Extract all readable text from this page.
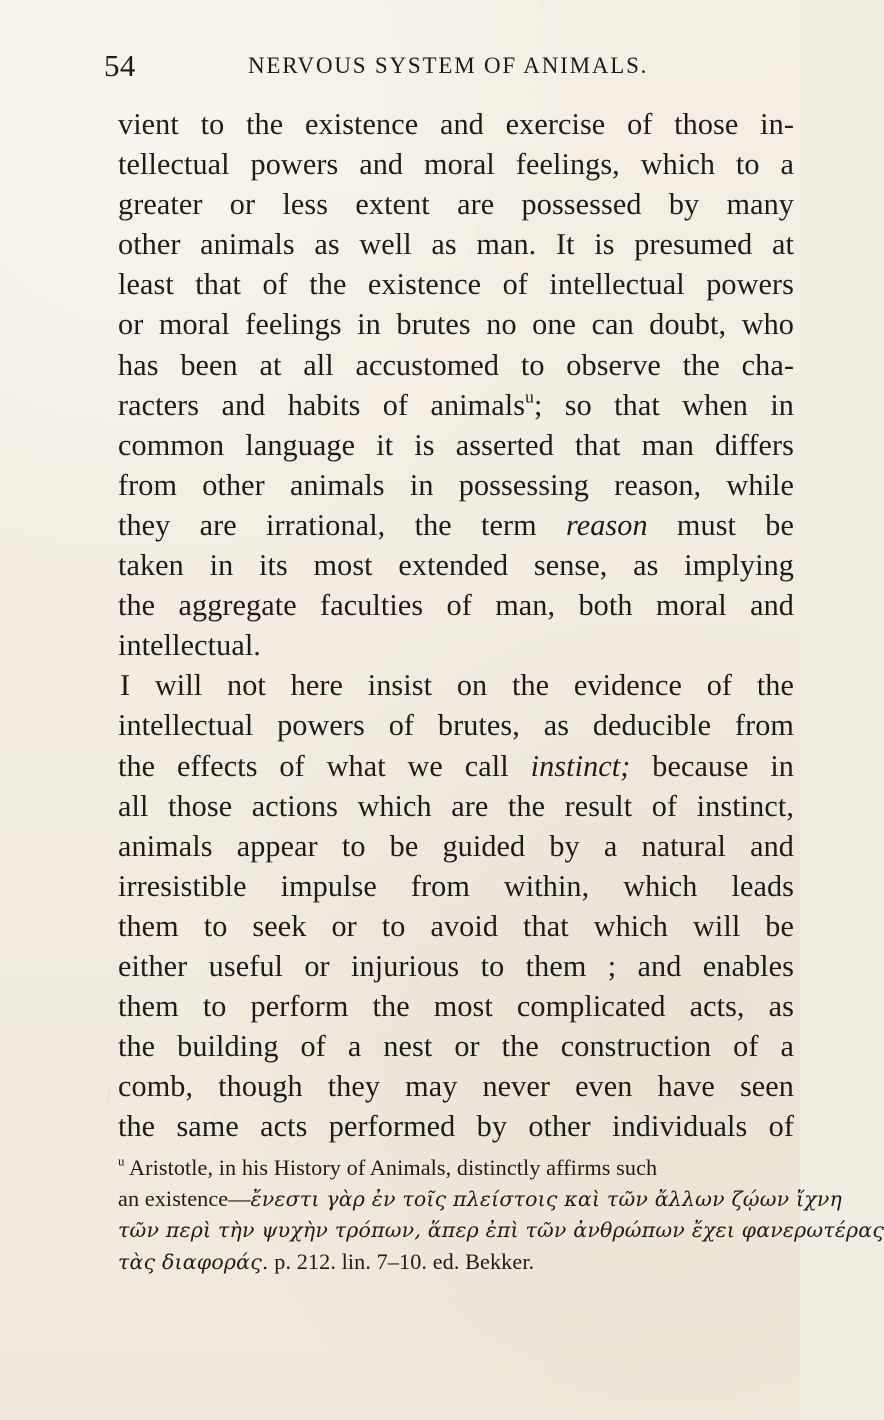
54	NERVOUS SYSTEM OF ANIMALS.
vient to the existence and exercise of those in-
tellectual powers and moral feelings, which to a
greater or less extent are possessed by many
other animals as well as man. It is presumed at
least that of the existence of intellectual powers
or moral feelings in brutes no one can doubt, who
has been at all accustomed to observe the cha-
racters and habits of animals$^u$; so that when in
common language it is asserted that man differs
from other animals in possessing reason, while
they are irrational, the term reason must be
taken in its most extended sense, as implying
the aggregate faculties of man, both moral and
intellectual.
I will not here insist on the evidence of the
intellectual powers of brutes, as deducible from
the effects of what we call instinct; because in
all those actions which are the result of instinct,
animals appear to be guided by a natural and
irresistible impulse from within, which leads
them to seek or to avoid that which will be
either useful or injurious to them ; and enables
them to perform the most complicated acts, as
the building of a nest or the construction of a
comb, though they may never even have seen
the same acts performed by other individuals of
$^u$ Aristotle, in his History of Animals, distinctly affirms such
an existence—ἔνεστι γὰρ ἐν τοῖς πλείστοις καὶ τῶν ἄλλων ζῴων ἴχνη
τῶν περὶ τὴν ψυχὴν τρόπων, ἅπερ ἐπὶ τῶν ἀνθρώπων ἔχει φανερωτέρας
τὰς διαφοράς. p. 212. lin. 7–10. ed. Bekker.
